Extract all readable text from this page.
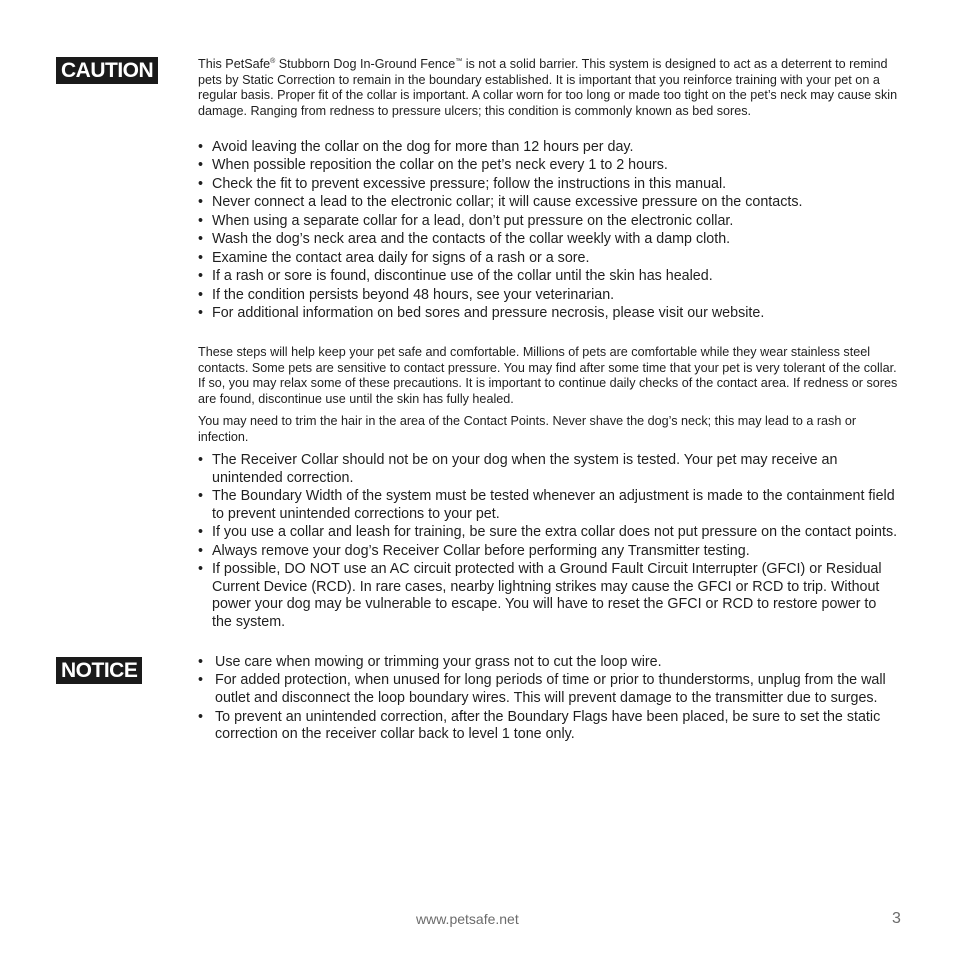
CAUTION	This PetSafe® Stubborn Dog In-Ground Fence™ is not a solid barrier. This system is designed to act as a deterrent to remind pets by Static Correction to remain in the boundary established. It is important that you reinforce training with your pet on a regular basis. Proper fit of the collar is important. A collar worn for too long or made too tight on the pet’s neck may cause skin damage. Ranging from redness to pressure ulcers; this condition is commonly known as bed sores.

• Avoid leaving the collar on the dog for more than 12 hours per day.
• When possible reposition the collar on the pet’s neck every 1 to 2 hours.
• Check the fit to prevent excessive pressure; follow the instructions in this manual.
• Never connect a lead to the electronic collar; it will cause excessive pressure on the contacts.
• When using a separate collar for a lead, don’t put pressure on the electronic collar.
• Wash the dog’s neck area and the contacts of the collar weekly with a damp cloth.
• Examine the contact area daily for signs of a rash or a sore.
• If a rash or sore is found, discontinue use of the collar until the skin has healed.
• If the condition persists beyond 48 hours, see your veterinarian.
• For additional information on bed sores and pressure necrosis, please visit our website.

These steps will help keep your pet safe and comfortable. Millions of pets are comfortable while they wear stainless steel contacts. Some pets are sensitive to contact pressure. You may find after some time that your pet is very tolerant of the collar. If so, you may relax some of these precautions. It is important to continue daily checks of the contact area. If redness or sores are found, discontinue use until the skin has fully healed.

You may need to trim the hair in the area of the Contact Points. Never shave the dog’s neck; this may lead to a rash or infection.

• The Receiver Collar should not be on your dog when the system is tested. Your pet may receive an unintended correction.
• The Boundary Width of the system must be tested whenever an adjustment is made to the containment field to prevent unintended corrections to your pet.
• If you use a collar and leash for training, be sure the extra collar does not put pressure on the contact points.
• Always remove your dog’s Receiver Collar before performing any Transmitter testing.
• If possible, DO NOT use an AC circuit protected with a Ground Fault Circuit Interrupter (GFCI) or Residual Current Device (RCD). In rare cases, nearby lightning strikes may cause the GFCI or RCD to trip. Without power your dog may be vulnerable to escape. You will have to reset the GFCI or RCD to restore power to the system.
NOTICE
•	Use care when mowing or trimming your grass not to cut the loop wire.
• For added protection, when unused for long periods of time or prior to thunderstorms, unplug from the wall outlet and disconnect the loop boundary wires. This will prevent damage to the transmitter due to surges.
• To prevent an unintended correction, after the Boundary Flags have been placed, be sure to set the static correction on the receiver collar back to level 1 tone only.
www.petsafe.net	3
